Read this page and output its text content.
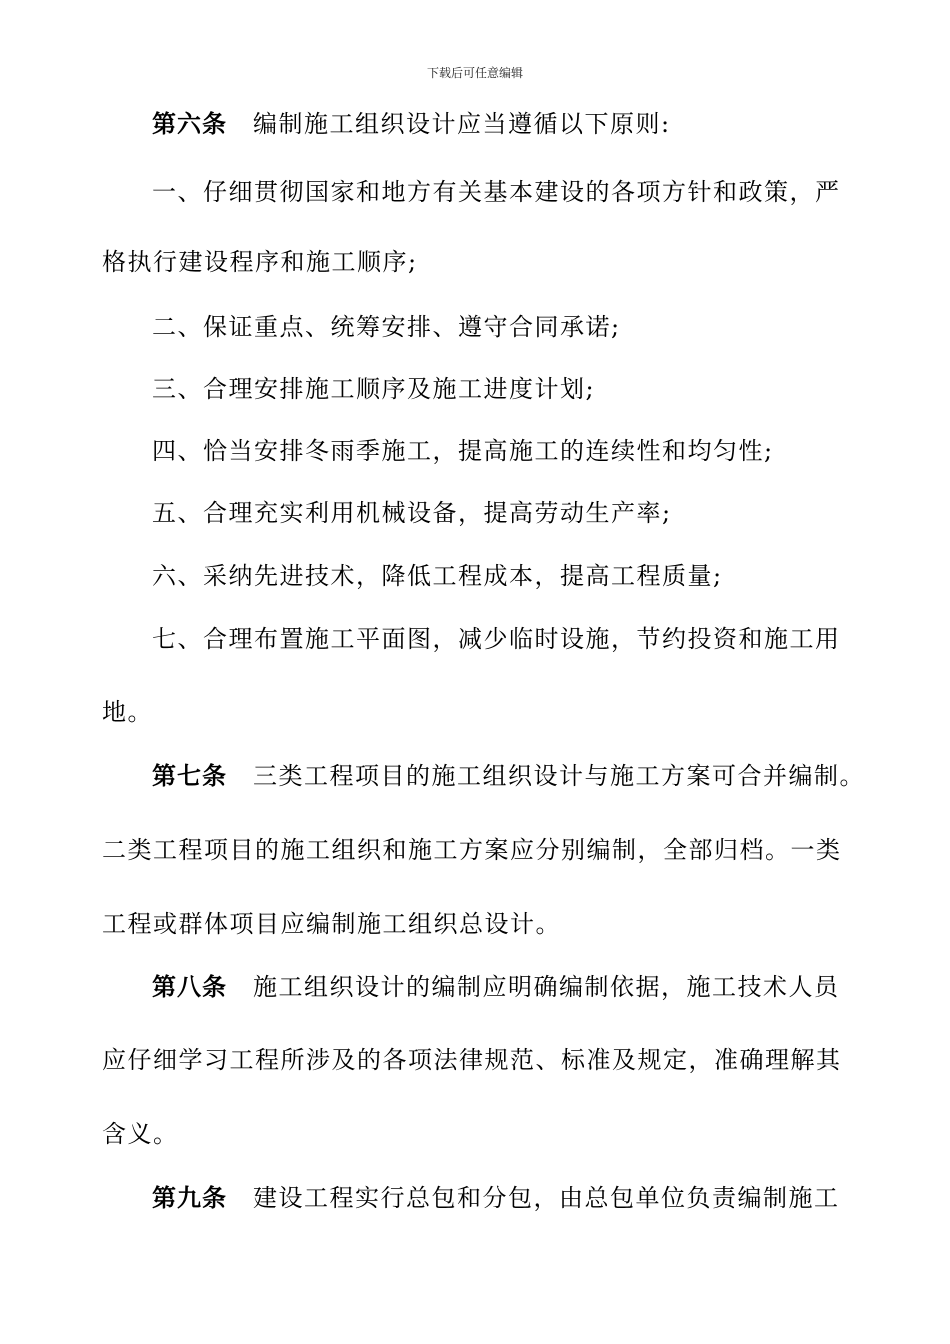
下载后可任意编辑
第六条 编制施工组织设计应当遵循以下原则:
一、仔细贯彻国家和地方有关基本建设的各项方针和政策，严
格执行建设程序和施工顺序;
二、保证重点、统筹安排、遵守合同承诺;
三、合理安排施工顺序及施工进度计划;
四、恰当安排冬雨季施工，提高施工的连续性和均匀性;
五、合理充实利用机械设备，提高劳动生产率;
六、采纳先进技术，降低工程成本，提高工程质量;
七、合理布置施工平面图，减少临时设施，节约投资和施工用
地。
第七条 三类工程项目的施工组织设计与施工方案可合并编制。
二类工程项目的施工组织和施工方案应分别编制，全部归档。一类
工程或群体项目应编制施工组织总设计。
第八条 施工组织设计的编制应明确编制依据，施工技术人员
应仔细学习工程所涉及的各项法律规范、标准及规定，准确理解其
含义。
第九条 建设工程实行总包和分包，由总包单位负责编制施工
